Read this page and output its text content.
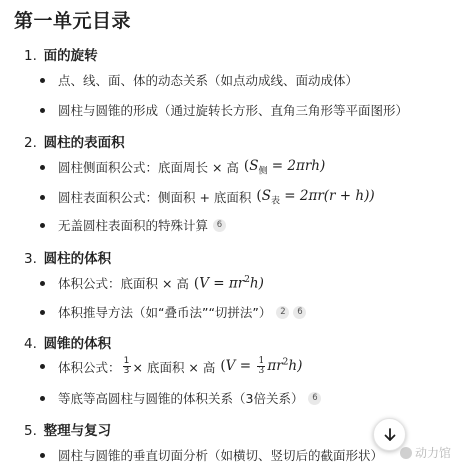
第一单元目录
1. 面的旋转
点、线、面、体的动态关系（如点动成线、面动成体）
圆柱与圆锥的形成（通过旋转长方形、直角三角形等平面图形）
2. 圆柱的表面积
圆柱侧面积公式：底面周长 × 高 $(S_侧 = 2\pi rh)$
圆柱表面积公式：侧面积 + 底面积 $(S_表 = 2\pi r(r + h))$
无盖圆柱表面积的特殊计算	6
3. 圆柱的体积
体积公式：底面积 × 高 $(V = \pi r^2h)$
体积推导方法（如“叠币法”“切拼法”）	2	6
4. 圆锥的体积
体积公式： $\frac{1}{3}$ × 底面积 × 高 $(V = \frac{1}{3} \pi r^2h)$
等底等高圆柱与圆锥的体积关系（3倍关系）	6
5. 整理与复习
圆柱与圆锥的垂直切面分析（如横切、竖切后的截面形状）	动力馆
